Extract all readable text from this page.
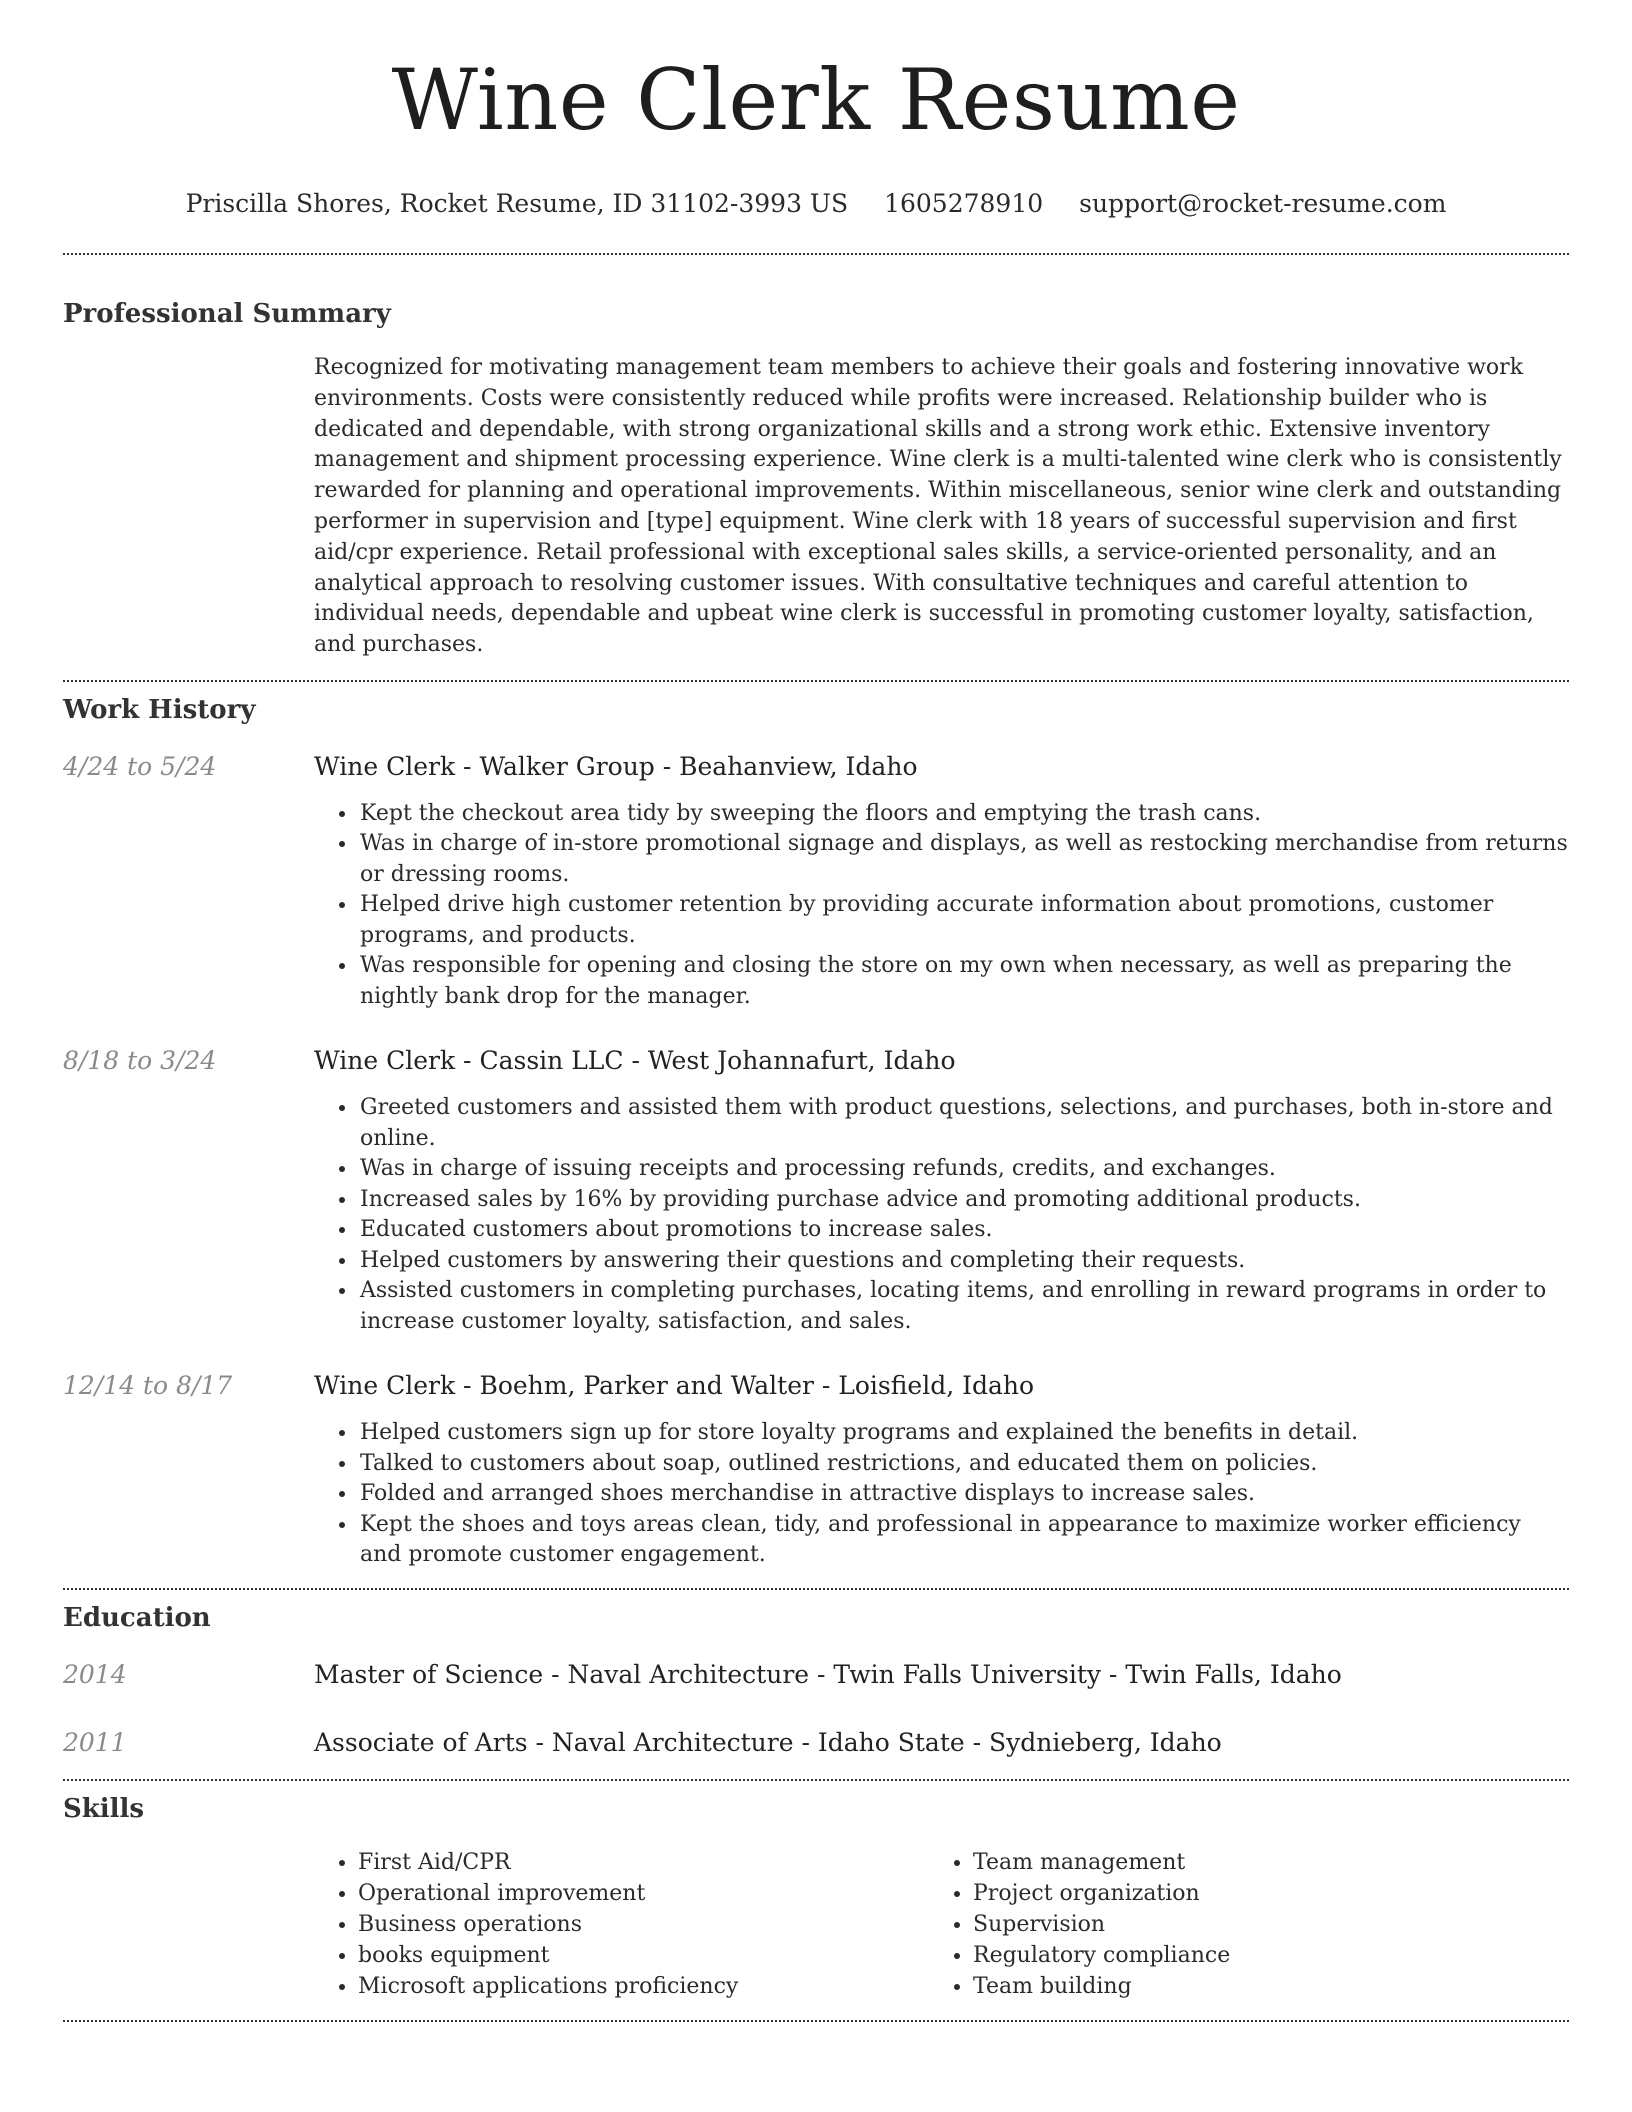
Wine Clerk Resume
Priscilla Shores, Rocket Resume, ID 31102-3993 US 1605278910 support@rocket-resume.com
Professional Summary
Recognized for motivating management team members to achieve their goals and fostering innovative work environments. Costs were consistently reduced while profits were increased. Relationship builder who is dedicated and dependable, with strong organizational skills and a strong work ethic. Extensive inventory management and shipment processing experience. Wine clerk is a multi-talented wine clerk who is consistently rewarded for planning and operational improvements. Within miscellaneous, senior wine clerk and outstanding performer in supervision and [type] equipment. Wine clerk with 18 years of successful supervision and first aid/cpr experience. Retail professional with exceptional sales skills, a service-oriented personality, and an analytical approach to resolving customer issues. With consultative techniques and careful attention to individual needs, dependable and upbeat wine clerk is successful in promoting customer loyalty, satisfaction, and purchases.
Work History
4/24 to 5/24	Wine Clerk - Walker Group - Beahanview, Idaho
• Kept the checkout area tidy by sweeping the floors and emptying the trash cans.
• Was in charge of in-store promotional signage and displays, as well as restocking merchandise from returns or dressing rooms.
• Helped drive high customer retention by providing accurate information about promotions, customer programs, and products.
• Was responsible for opening and closing the store on my own when necessary, as well as preparing the nightly bank drop for the manager.
8/18 to 3/24	Wine Clerk - Cassin LLC - West Johannafurt, Idaho
• Greeted customers and assisted them with product questions, selections, and purchases, both in-store and online.
• Was in charge of issuing receipts and processing refunds, credits, and exchanges.
• Increased sales by 16% by providing purchase advice and promoting additional products.
• Educated customers about promotions to increase sales.
• Helped customers by answering their questions and completing their requests.
• Assisted customers in completing purchases, locating items, and enrolling in reward programs in order to increase customer loyalty, satisfaction, and sales.
12/14 to 8/17	Wine Clerk - Boehm, Parker and Walter - Loisfield, Idaho
• Helped customers sign up for store loyalty programs and explained the benefits in detail.
• Talked to customers about soap, outlined restrictions, and educated them on policies.
• Folded and arranged shoes merchandise in attractive displays to increase sales.
• Kept the shoes and toys areas clean, tidy, and professional in appearance to maximize worker efficiency and promote customer engagement.
Education
2014	Master of Science - Naval Architecture - Twin Falls University - Twin Falls, Idaho
2011	Associate of Arts - Naval Architecture - Idaho State - Sydnieberg, Idaho
Skills
• First Aid/CPR
• Operational improvement
• Business operations
• books equipment
• Microsoft applications proficiency
• Team management
• Project organization
• Supervision
• Regulatory compliance
• Team building
